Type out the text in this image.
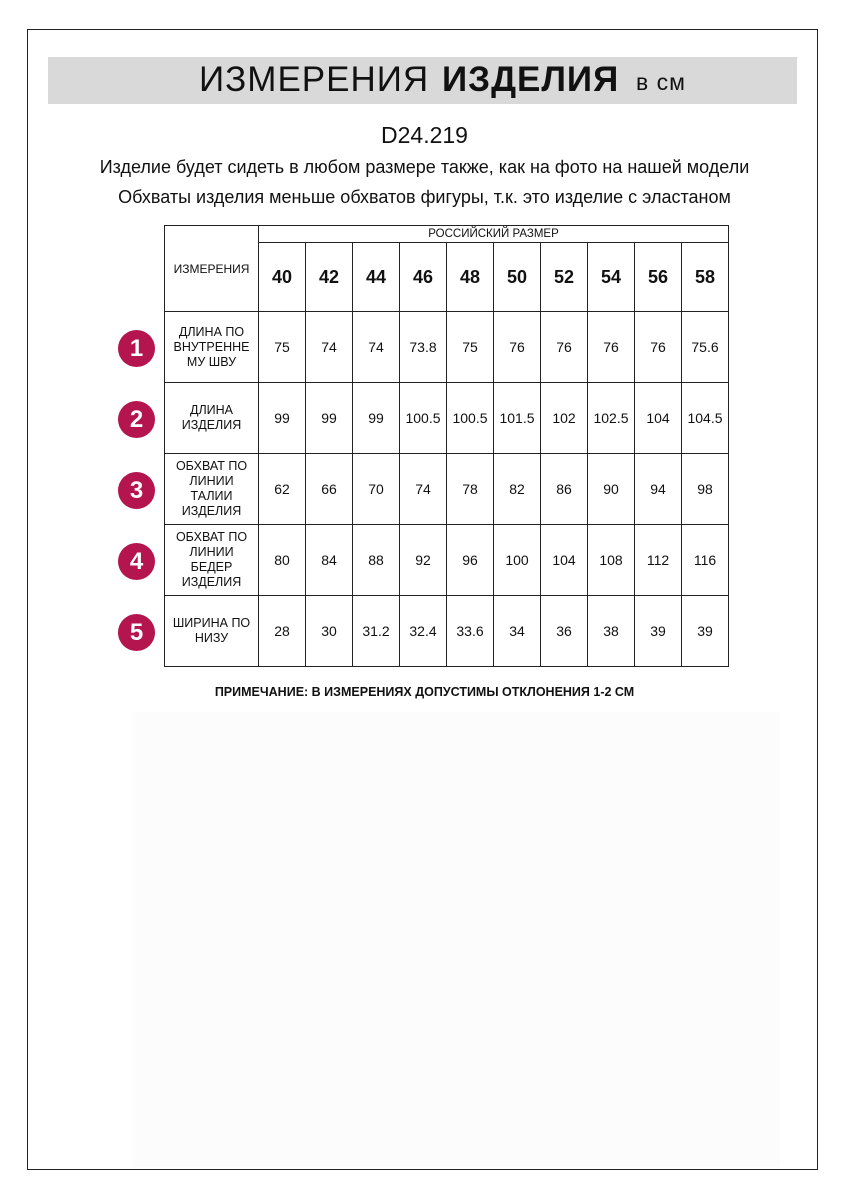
ИЗМЕРЕНИЯ ИЗДЕЛИЯ в см
D24.219
Изделие будет сидеть в любом размере также, как на фото на нашей модели
Обхваты изделия меньше обхватов фигуры, т.к. это изделие с эластаном
ИЗМЕРЕНИЯ	РОССИЙСКИЙ РАЗМЕР									
	40	42	44	46	48	50	52	54	56	58

ДЛИНА ПО
ВНУТРЕННЕ
МУ ШВУ	75	74	74	73.8	75	76	76	76	76	75.6

ДЛИНА
ИЗДЕЛИЯ	99	99	99	100.5	100.5	101.5	102	102.5	104	104.5

ОБХВАТ ПО
ЛИНИИ
ТАЛИИ
ИЗДЕЛИЯ	62	66	70	74	78	82	86	90	94	98

ОБХВАТ ПО
ЛИНИИ
БЕДЕР
ИЗДЕЛИЯ	80	84	88	92	96	100	104	108	112	116

ШИРИНА ПО
НИЗУ	28	30	31.2	32.4	33.6	34	36	38	39	39
1
2
3
4
5
ПРИМЕЧАНИЕ: В ИЗМЕРЕНИЯХ ДОПУСТИМЫ ОТКЛОНЕНИЯ 1-2 СМ
